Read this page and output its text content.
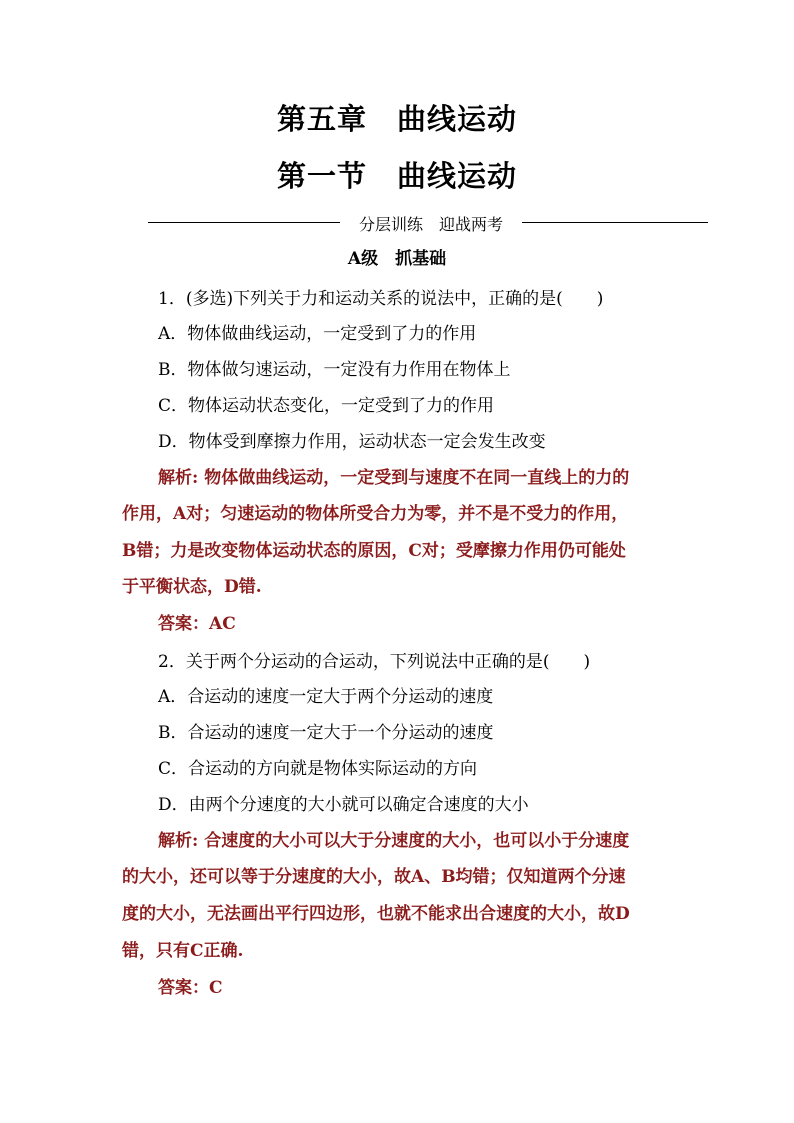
第五章　曲线运动
第一节　曲线运动
分层训练　迎战两考
A级　抓基础
1．(多选)下列关于力和运动关系的说法中，正确的是(　　)
A．物体做曲线运动，一定受到了力的作用
B．物体做匀速运动，一定没有力作用在物体上
C．物体运动状态变化，一定受到了力的作用
D．物体受到摩擦力作用，运动状态一定会发生改变
解析: 物体做曲线运动，一定受到与速度不在同一直线上的力的
作用，A对；匀速运动的物体所受合力为零，并不是不受力的作用，
B错；力是改变物体运动状态的原因，C对；受摩擦力作用仍可能处
于平衡状态，D错.
答案：AC
2．关于两个分运动的合运动，下列说法中正确的是(　　)
A．合运动的速度一定大于两个分运动的速度
B．合运动的速度一定大于一个分运动的速度
C．合运动的方向就是物体实际运动的方向
D．由两个分速度的大小就可以确定合速度的大小
解析: 合速度的大小可以大于分速度的大小，也可以小于分速度
的大小，还可以等于分速度的大小，故A、B均错；仅知道两个分速
度的大小，无法画出平行四边形，也就不能求出合速度的大小，故D
错，只有C正确.
答案：C
